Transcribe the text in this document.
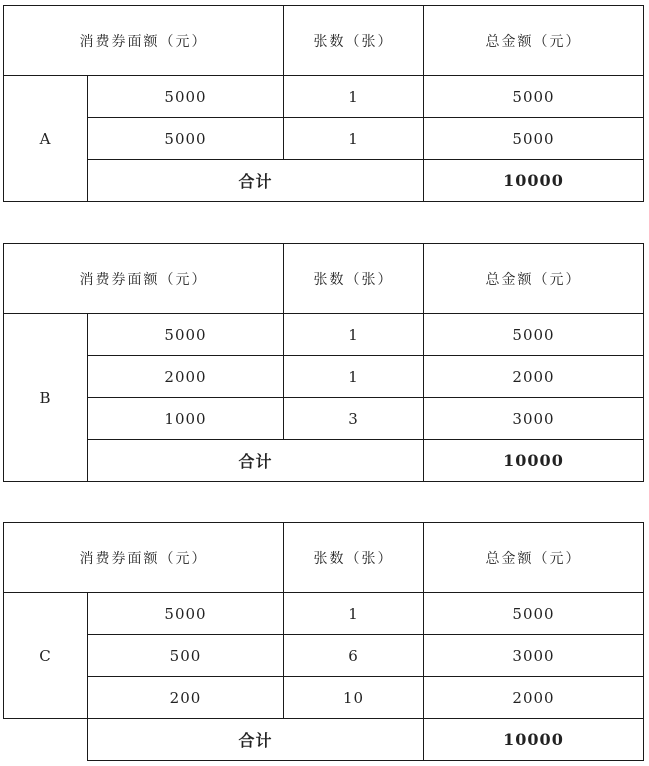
消费券面额（元）		张数（张）	总金额（元）
A	5000	1	5000
	5000	1	5000
	合计		10000
消费券面额（元）		张数（张）	总金额（元）
B	5000	1	5000
	2000	1	2000
	1000	3	3000
	合计		10000
消费券面额（元）		张数（张）	总金额（元）
C	5000	1	5000
	500	6	3000
	200	10	2000
	合计		10000
